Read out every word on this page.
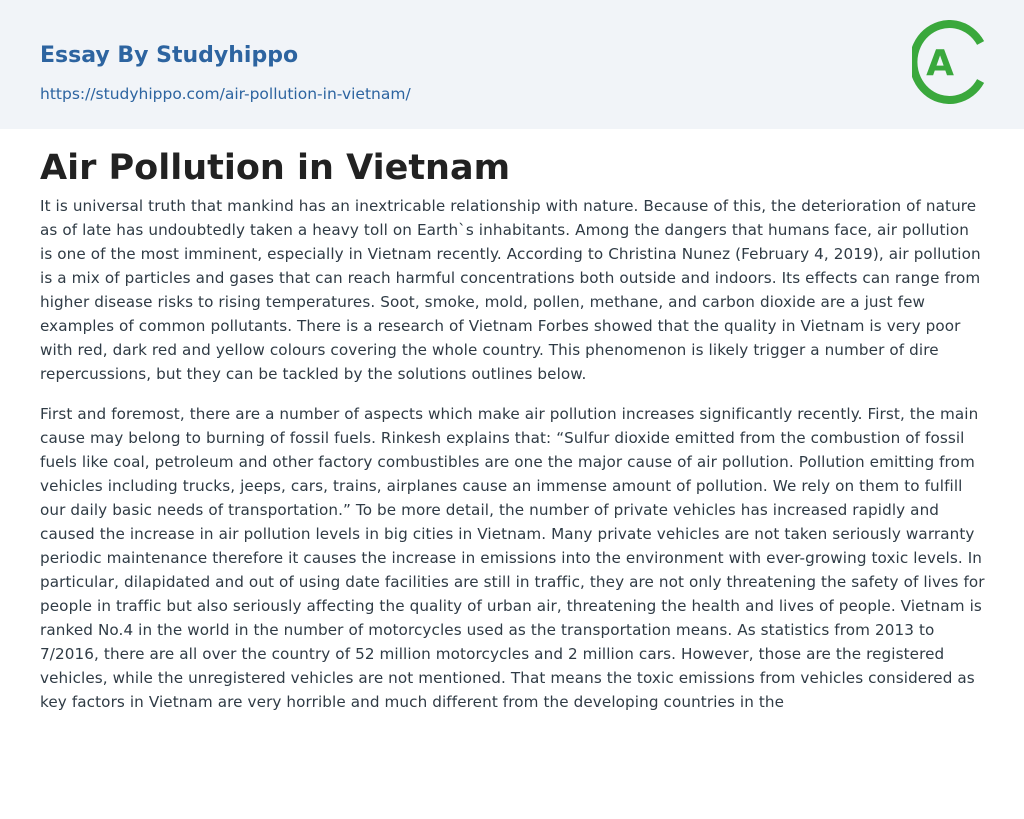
Essay By Studyhippo
https://studyhippo.com/air-pollution-in-vietnam/
A
Air Pollution in Vietnam

It is universal truth that mankind has an inextricable relationship with nature. Because of this, the deterioration of nature as of late has undoubtedly taken a heavy toll on Earth`s inhabitants. Among the dangers that humans face, air pollution is one of the most imminent, especially in Vietnam recently. According to Christina Nunez (February 4, 2019), air pollution is a mix of particles and gases that can reach harmful concentrations both outside and indoors. Its effects can range from higher disease risks to rising temperatures. Soot, smoke, mold, pollen, methane, and carbon dioxide are a just few examples of common pollutants. There is a research of Vietnam Forbes showed that the quality in Vietnam is very poor with red, dark red and yellow colours covering the whole country. This phenomenon is likely trigger a number of dire repercussions, but they can be tackled by the solutions outlines below.

First and foremost, there are a number of aspects which make air pollution increases significantly recently. First, the main cause may belong to burning of fossil fuels. Rinkesh explains that: “Sulfur dioxide emitted from the combustion of fossil fuels like coal, petroleum and other factory combustibles are one the major cause of air pollution. Pollution emitting from vehicles including trucks, jeeps, cars, trains, airplanes cause an immense amount of pollution. We rely on them to fulfill our daily basic needs of transportation.” To be more detail, the number of private vehicles has increased rapidly and caused the increase in air pollution levels in big cities in Vietnam. Many private vehicles are not taken seriously warranty periodic maintenance therefore it causes the increase in emissions into the environment with ever-growing toxic levels. In particular, dilapidated and out of using date facilities are still in traffic, they are not only threatening the safety of lives for people in traffic but also seriously affecting the quality of urban air, threatening the health and lives of people. Vietnam is ranked No.4 in the world in the number of motorcycles used as the transportation means. As statistics from 2013 to 7/2016, there are all over the country of 52 million motorcycles and 2 million cars. However, those are the registered vehicles, while the unregistered vehicles are not mentioned. That means the toxic emissions from vehicles considered as key factors in Vietnam are very horrible and much different from the developing countries in the
